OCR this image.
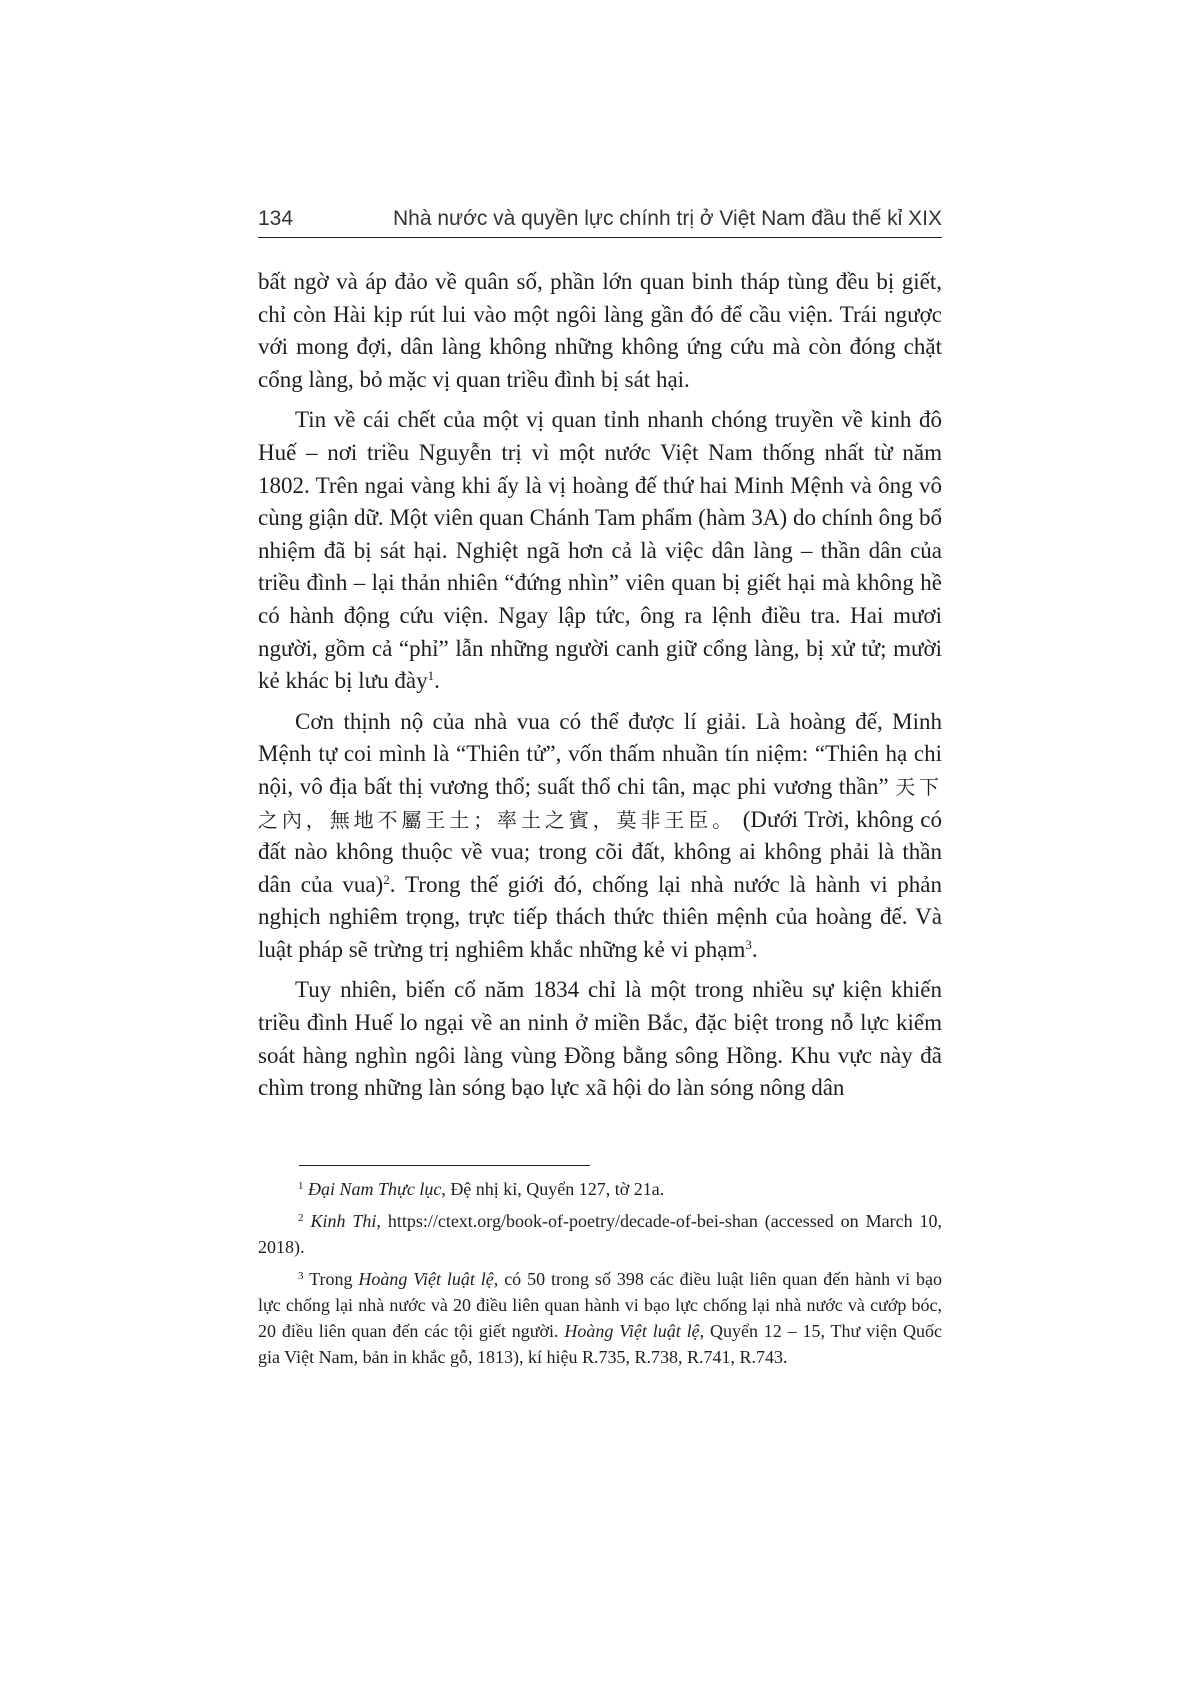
134	Nhà nước và quyền lực chính trị ở Việt Nam đầu thế kỉ XIX

bất ngờ và áp đảo về quân số, phần lớn quan binh tháp tùng đều bị giết, chỉ còn Hài kịp rút lui vào một ngôi làng gần đó để cầu viện. Trái ngược với mong đợi, dân làng không những không ứng cứu mà còn đóng chặt cổng làng, bỏ mặc vị quan triều đình bị sát hại.

Tin về cái chết của một vị quan tỉnh nhanh chóng truyền về kinh đô Huế – nơi triều Nguyễn trị vì một nước Việt Nam thống nhất từ năm 1802. Trên ngai vàng khi ấy là vị hoàng đế thứ hai Minh Mệnh và ông vô cùng giận dữ. Một viên quan Chánh Tam phẩm (hàm 3A) do chính ông bổ nhiệm đã bị sát hại. Nghiệt ngã hơn cả là việc dân làng – thần dân của triều đình – lại thản nhiên “đứng nhìn” viên quan bị giết hại mà không hề có hành động cứu viện. Ngay lập tức, ông ra lệnh điều tra. Hai mươi người, gồm cả “phỉ” lẫn những người canh giữ cổng làng, bị xử tử; mười kẻ khác bị lưu đày$^1$.

Cơn thịnh nộ của nhà vua có thể được lí giải. Là hoàng đế, Minh Mệnh tự coi mình là “Thiên tử”, vốn thấm nhuần tín niệm: “Thiên hạ chi nội, vô địa bất thị vương thổ; suất thổ chi tân, mạc phi vương thần” 天下之內，無地不屬王土；率土之賓，莫非王臣。 (Dưới Trời, không có đất nào không thuộc về vua; trong cõi đất, không ai không phải là thần dân của vua)$^2$. Trong thế giới đó, chống lại nhà nước là hành vi phản nghịch nghiêm trọng, trực tiếp thách thức thiên mệnh của hoàng đế. Và luật pháp sẽ trừng trị nghiêm khắc những kẻ vi phạm$^3$.

Tuy nhiên, biến cố năm 1834 chỉ là một trong nhiều sự kiện khiến triều đình Huế lo ngại về an ninh ở miền Bắc, đặc biệt trong nỗ lực kiểm soát hàng nghìn ngôi làng vùng Đồng bằng sông Hồng. Khu vực này đã chìm trong những làn sóng bạo lực xã hội do làn sóng nông dân

$^1$ Đại Nam Thực lục, Đệ nhị kỉ, Quyển 127, tờ 21a.

$^2$ Kinh Thi, https://ctext.org/book-of-poetry/decade-of-bei-shan (accessed on March 10, 2018).

$^3$ Trong Hoàng Việt luật lệ, có 50 trong số 398 các điều luật liên quan đến hành vi bạo lực chống lại nhà nước và 20 điều liên quan hành vi bạo lực chống lại nhà nước và cướp bóc, 20 điều liên quan đến các tội giết người. Hoàng Việt luật lệ, Quyển 12 – 15, Thư viện Quốc gia Việt Nam, bản in khắc gỗ, 1813), kí hiệu R.735, R.738, R.741, R.743.
